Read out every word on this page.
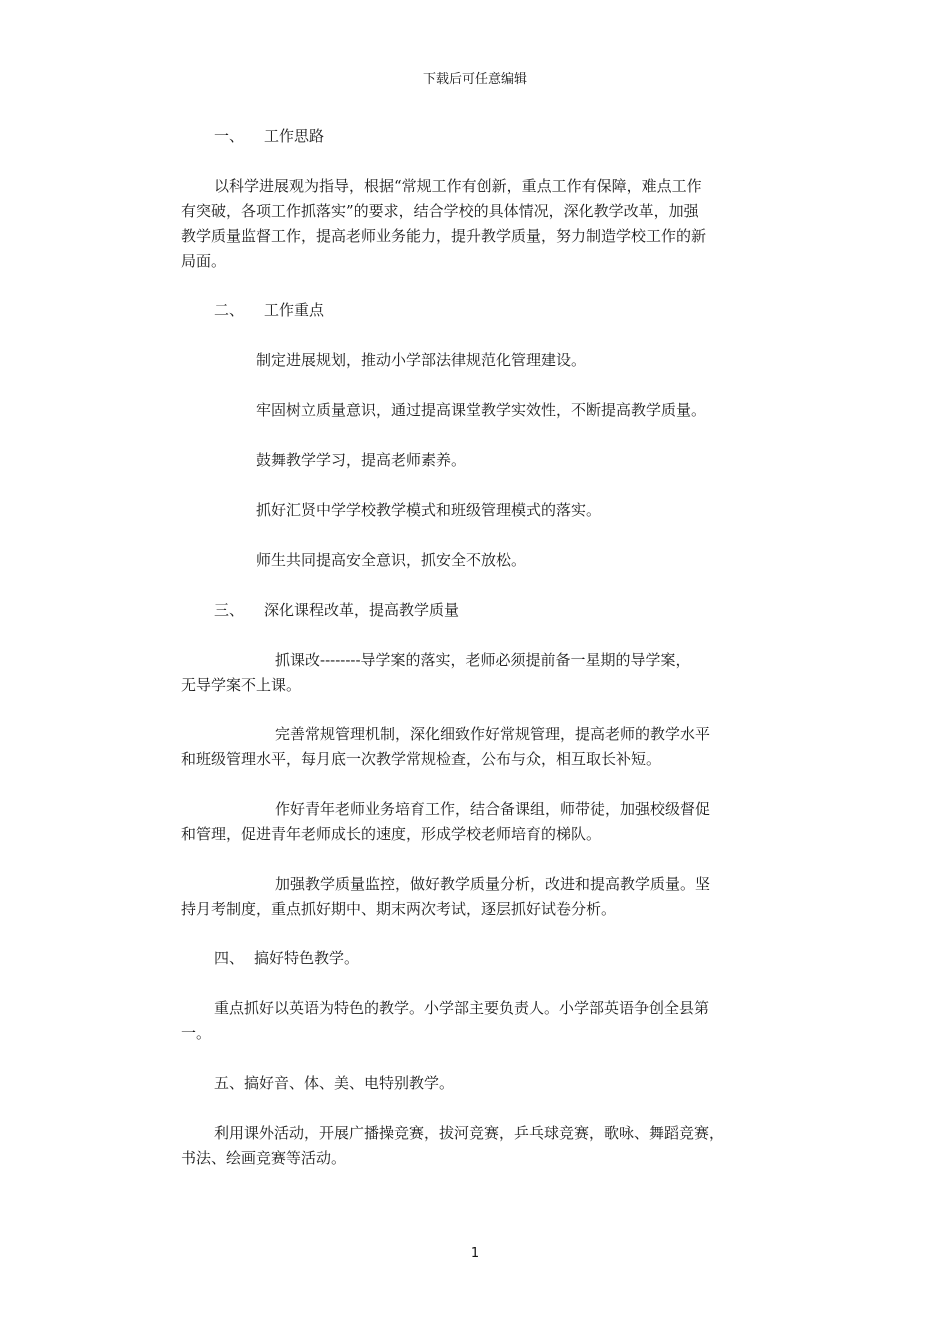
下载后可任意编辑
一、 工作思路

以科学进展观为指导，根据“常规工作有创新，重点工作有保障，难点工作

有突破，各项工作抓落实”的要求，结合学校的具体情况，深化教学改革，加强

教学质量监督工作，提高老师业务能力，提升教学质量，努力制造学校工作的新

局面。

二、 工作重点

制定进展规划，推动小学部法律规范化管理建设。

牢固树立质量意识，通过提高课堂教学实效性，不断提高教学质量。

鼓舞教学学习，提高老师素养。

抓好汇贤中学学校教学模式和班级管理模式的落实。

师生共同提高安全意识，抓安全不放松。

三、 深化课程改革，提高教学质量

抓课改--------导学案的落实，老师必须提前备一星期的导学案，

无导学案不上课。

完善常规管理机制，深化细致作好常规管理，提高老师的教学水平

和班级管理水平，每月底一次教学常规检查，公布与众，相互取长补短。

作好青年老师业务培育工作，结合备课组，师带徒，加强校级督促

和管理，促进青年老师成长的速度，形成学校老师培育的梯队。

加强教学质量监控，做好教学质量分析，改进和提高教学质量。坚

持月考制度，重点抓好期中、期末两次考试，逐层抓好试卷分析。

四、 搞好特色教学。

重点抓好以英语为特色的教学。小学部主要负责人。小学部英语争创全县第

一。

五、搞好音、体、美、电特别教学。

利用课外活动，开展广播操竞赛，拔河竞赛，乒乓球竞赛，歌咏、舞蹈竞赛，

书法、绘画竞赛等活动。

1
